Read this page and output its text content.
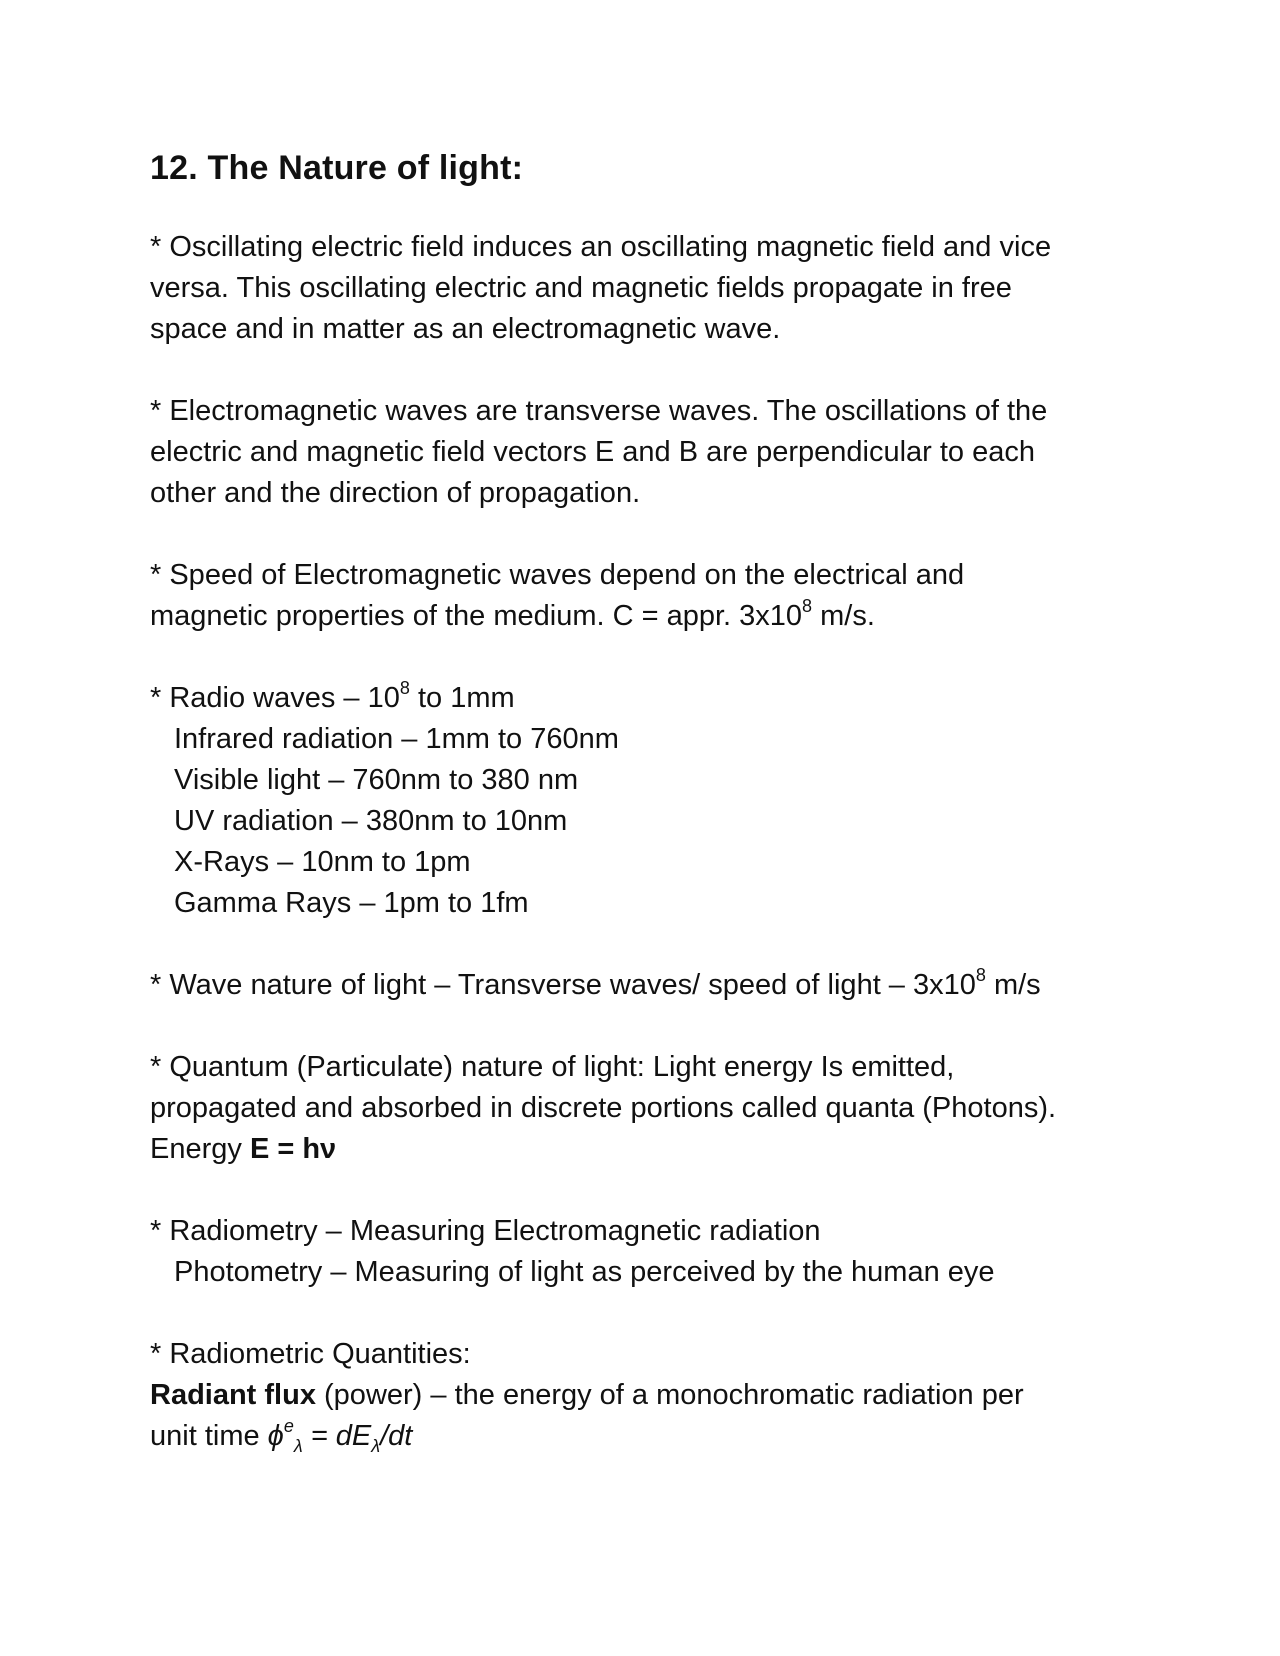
12. The Nature of light:
* Oscillating electric field induces an oscillating magnetic field and vice
versa. This oscillating electric and magnetic fields propagate in free
space and in matter as an electromagnetic wave.
* Electromagnetic waves are transverse waves. The oscillations of the
electric and magnetic field vectors E and B are perpendicular to each
other and the direction of propagation.
* Speed of Electromagnetic waves depend on the electrical and
magnetic properties of the medium. C = appr. $3x10^8$ m/s.
* Radio waves – $10^8$ to 1mm
Infrared radiation – 1mm to 760nm
Visible light – 760nm to 380 nm
UV radiation – 380nm to 10nm
X-Rays – 10nm to 1pm
Gamma Rays – 1pm to 1fm
* Wave nature of light – Transverse waves/ speed of light – $3x10^8$ m/s
* Quantum (Particulate) nature of light: Light energy Is emitted,
propagated and absorbed in discrete portions called quanta (Photons).
Energy E = hν
* Radiometry – Measuring Electromagnetic radiation
Photometry – Measuring of light as perceived by the human eye
* Radiometric Quantities:
Radiant flux (power) – the energy of a monochromatic radiation per
unit time $\phi^e_\lambda = dE_\lambda/dt$
